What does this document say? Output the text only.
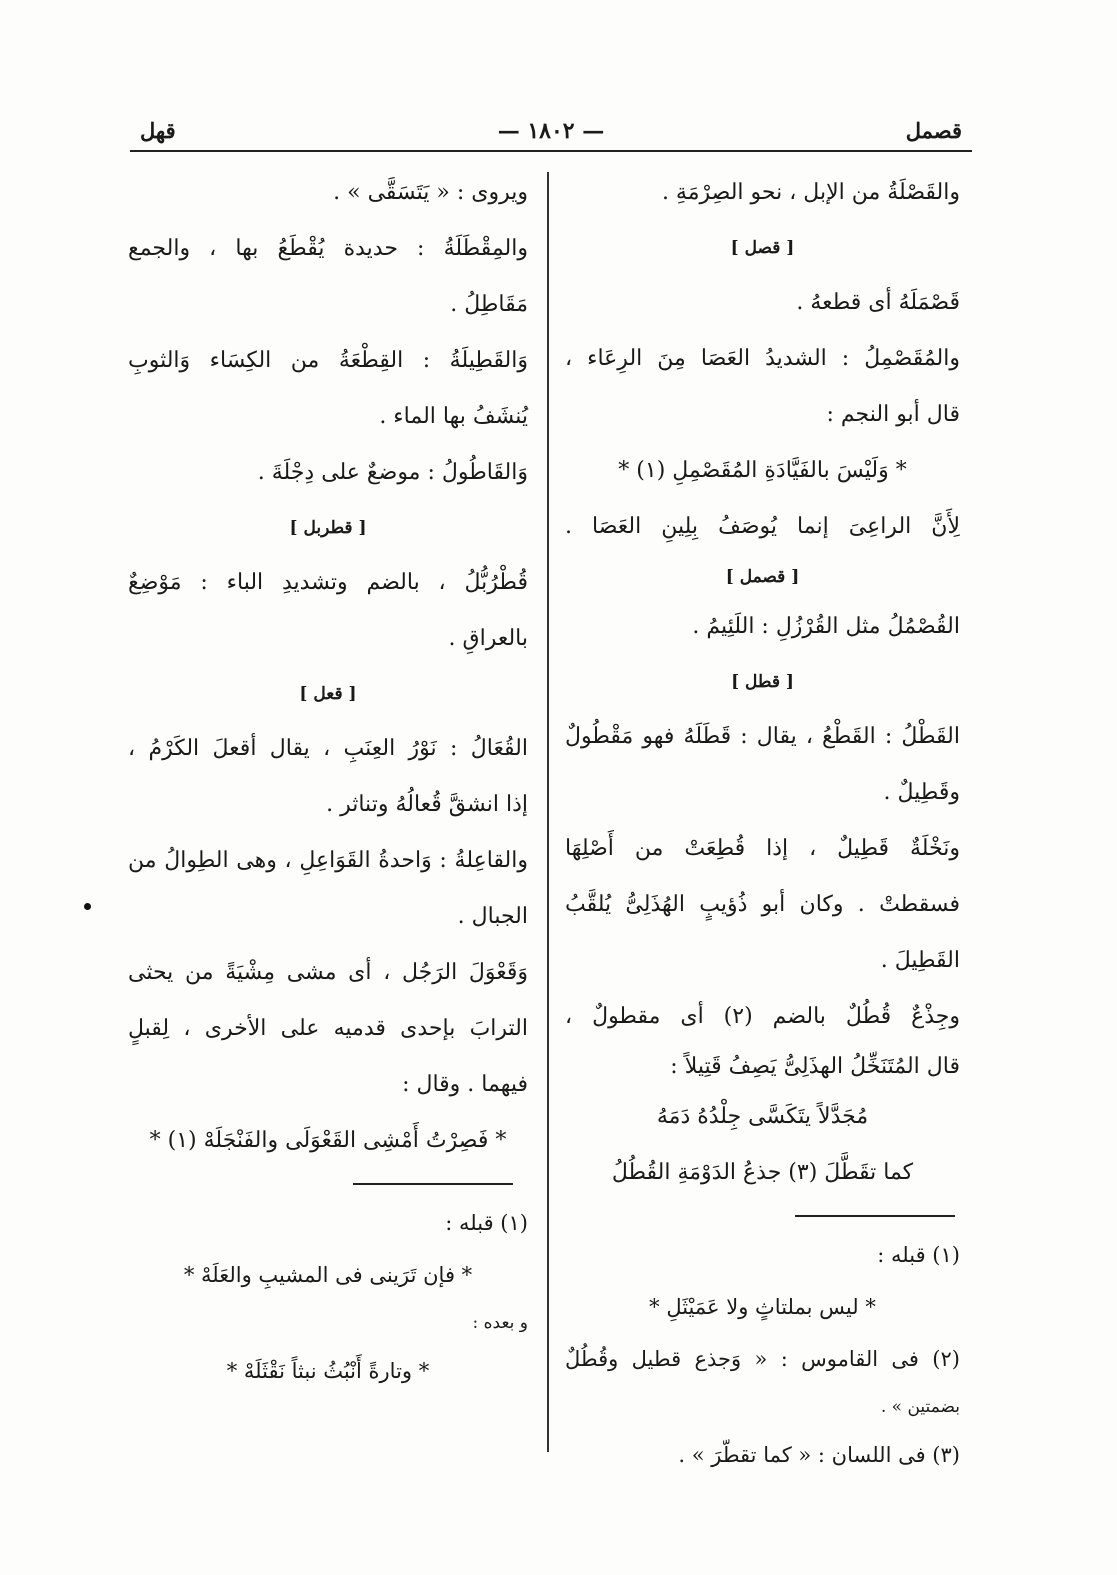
قصمل
— ١٨٠٢ —
قهل
والقَصْلَةُ من الإبل ، نحو الصِرْمَةِ .
[ قصل ]
قَصْمَلَهُ أى قطعهُ .
والمُقَصْمِلُ : الشديدُ العَصَا مِنَ الرِعَاء ،
قال أبو النجم :
* وَلَيْسَ بالفَيَّادَةِ المُقَصْمِلِ (١) *
لِأَنَّ الراعِىَ إنما يُوصَفُ بِلِينِ العَصَا .
[ قصمل ]
القُصْمُلُ مثل القُرْزُلِ : اللَئِيمُ .
[ قطل ]
القَطْلُ : القَطْعُ ، يقال : قَطَلَهُ فهو مَقْطُولٌ
وقَطِيلٌ .
ونَخْلَةٌ قَطِيلٌ ، إذا قُطِعَتْ من أَصْلِهَا
فسقطتْ . وكان أبو ذُؤيبٍ الهُذَلِىُّ يُلقَّبُ
القَطِيلَ .
وجِذْعٌ قُطُلٌ بالضم (٢) أى مقطولٌ ،
قال المُتَنَخِّلُ الهذَلِىُّ يَصِفُ قَتِيلاً :
مُجَدَّلاً يتَكَسَّى جِلْدُهُ دَمَهُ
كما تقَطَّلَ (٣) جذعُ الدَوْمَةِ القُطُلُ
(١) قبله :
* ليس بملتاثٍ ولا عَمَيْثَلِ *
(٢) فى القاموس : « وَجذع قطيل وقُطُلٌ
بضمتين » .
(٣) فى اللسان : « كما تقطّرَ » .
ويروى : « يَتَسَقَّى » .
والمِقْطَلَةُ : حديدة يُقْطَعُ بها ، والجمع
مَقَاطِلُ .
وَالقَطِيلَةُ : القِطْعَةُ من الكِسَاء وَالثوبِ
يُنشَفُ بها الماء .
وَالقَاطُولُ : موضعٌ على دِجْلَةَ .
[ قطربل ]
قُطْرُبُّلُ ، بالضم وتشديدِ الباء : مَوْضِعٌ
بالعراقِ .
[ قعل ]
القُعَالُ : نَوْرُ العِنَبِ ، يقال أقعلَ الكَرْمُ ،
إذا انشقَّ قُعالُهُ وتناثر .
والقاعِلةُ : وَاحدةُ القَوَاعِلِ ، وهى الطِوالُ من
الجبال .
وَقَعْوَلَ الرَجُل ، أى مشى مِشْيَةً من يحثى
الترابَ بإحدى قدميه على الأخرى ، لِقبلٍ
فيهما . وقال :
* فَصِرْتُ أَمْشِى القَعْوَلَى والفَنْجَلَهْ (١) *
(١) قبله :
* فإن تَرَينى فى المشيبِ والعَلَهْ *
و بعده :
* وتارةً أَنْبُثُ نبثاً نَقْثَلَهْ *
